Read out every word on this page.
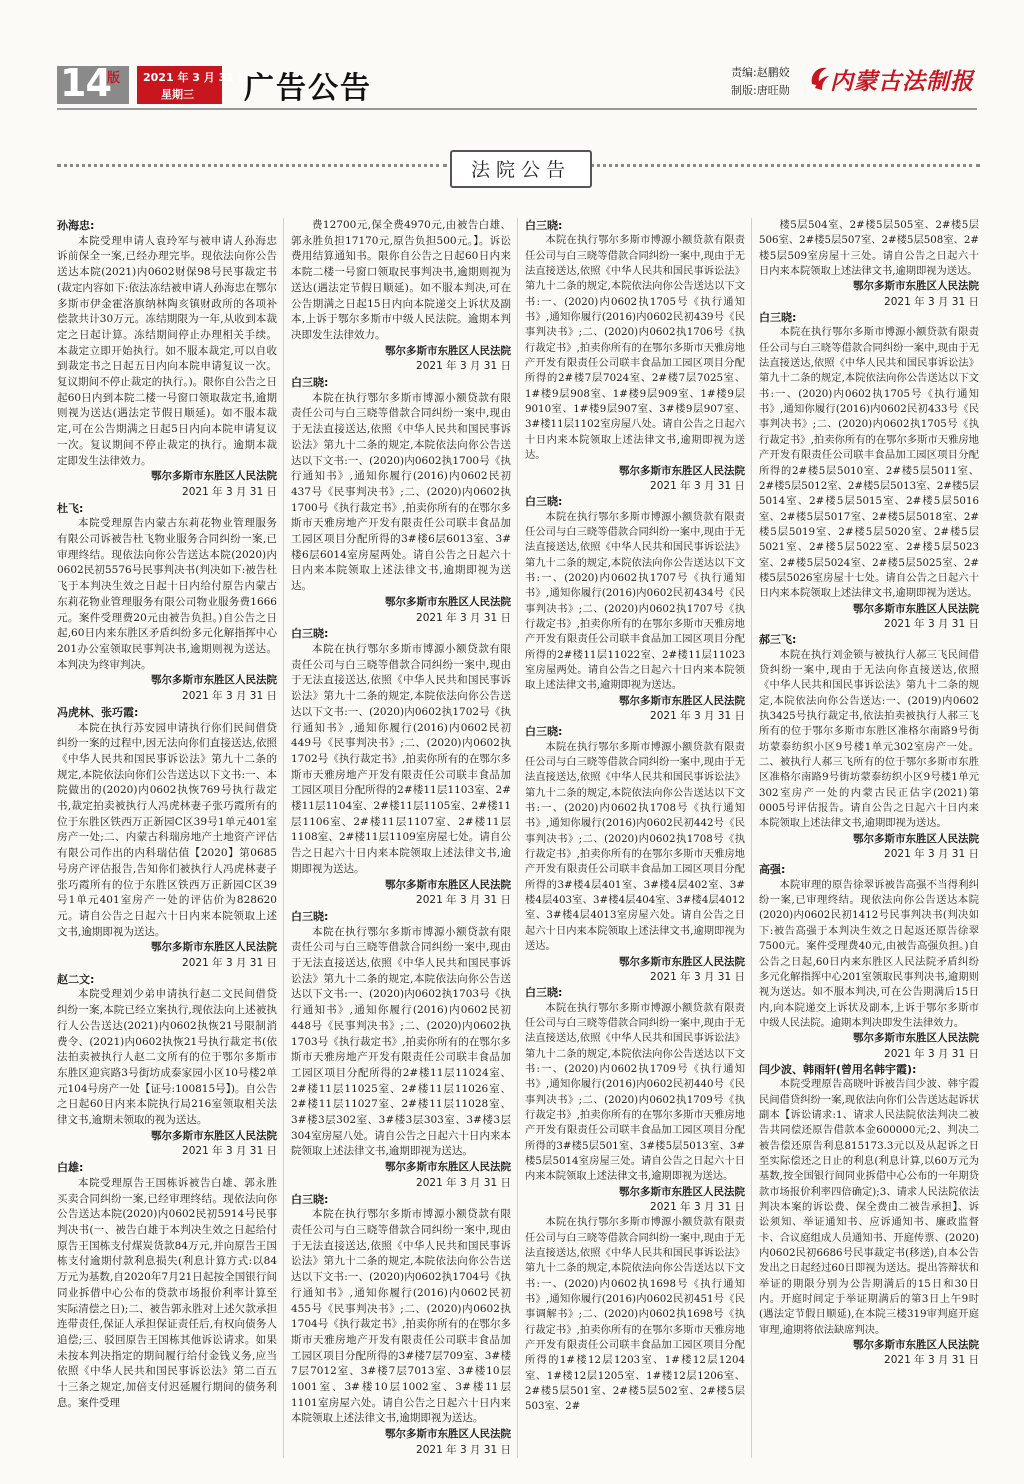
14
版 2021 年 3 月 31 日
星期三 广告公告	责编:赵鹏姣
制版:唐旺勋 内蒙古法制报
法院公告
孙海忠:
本院受理申请人袁玲军与被申请人孙海忠诉前保全一案,已经办理完毕。现依法向你公告送达本院(2021)内0602财保98号民事裁定书(裁定内容如下:依法冻结被申请人孙海忠在鄂尔多斯市伊金霍洛旗纳林陶亥镇财政所的各项补偿款共计30万元。冻结期限为一年,从收到本裁定之日起计算。冻结期间停止办理相关手续。本裁定立即开始执行。如不服本裁定,可以自收到裁定书之日起五日内向本院申请复议一次。复议期间不停止裁定的执行。)。限你自公告之日起60日内到本院二楼一号窗口领取裁定书,逾期则视为送达(遇法定节假日顺延)。如不服本裁定,可在公告期满之日起5日内向本院申请复议一次。复议期间不停止裁定的执行。逾期本裁定即发生法律效力。
鄂尔多斯市东胜区人民法院
2021 年 3 月 31 日
杜飞:
本院受理原告内蒙古东莉花物业管理服务有限公司诉被告杜飞物业服务合同纠纷一案,已审理终结。现依法向你公告送达本院(2020)内0602民初5576号民事判决书(判决如下:被告杜飞于本判决生效之日起十日内给付原告内蒙古东莉花物业管理服务有限公司物业服务费1666元。案件受理费20元由被告负担。)自公告之日起,60日内来东胜区矛盾纠纷多元化解指挥中心201办公室领取民事判决书,逾期则视为送达。本判决为终审判决。
鄂尔多斯市东胜区人民法院
2021 年 3 月 31 日
冯虎林、张巧霞:
本院在执行苏安园申请执行你们民间借贷纠纷一案的过程中,因无法向你们直接送达,依照《中华人民共和国民事诉讼法》第九十二条的规定,本院依法向你们公告送达以下文书:一、本院做出的(2020)内0602执恢769号执行裁定书,裁定拍卖被执行人冯虎林妻子张巧霞所有的位于东胜区铁西万正新园C区39号1单元401室房产一处;二、内蒙古科瑞房地产土地资产评估有限公司作出的内科瑞估值【2020】第0685号房产评估报告,告知你们被执行人冯虎林妻子张巧霞所有的位于东胜区铁西万正新园C区39号1单元401室房产一处的评估价为828620元。请自公告之日起六十日内来本院领取上述文书,逾期即视为送达。
鄂尔多斯市东胜区人民法院
2021 年 3 月 31 日
赵二文:
本院受理刘少弟申请执行赵二文民间借贷纠纷一案,本院已经立案执行,现依法向上述被执行人公告送达(2021)内0602执恢21号限制消费令、(2021)内0602执恢21号执行裁定书(依法拍卖被执行人赵二文所有的位于鄂尔多斯市东胜区迎宾路3号街坊成泰家园小区10号楼2单元104号房产一处【证号:100815号】)。自公告之日起60日内来本院执行局216室领取相关法律文书,逾期未领取的视为送达。
鄂尔多斯市东胜区人民法院
2021 年 3 月 31 日
白雄:
本院受理原告王国栋诉被告白雄、郭永胜买卖合同纠纷一案,已经审理终结。现依法向你公告送达本院(2020)内0602民初5914号民事判决书(一、被告白雄于本判决生效之日起给付原告王国栋支付煤炭货款84万元,并向原告王国栋支付逾期付款利息损失(利息计算方式:以84万元为基数,自2020年7月21日起按全国银行间同业拆借中心公布的贷款市场报价利率计算至实际清偿之日);二、被告郭永胜对上述欠款承担连带责任,保证人承担保证责任后,有权向债务人追偿;三、驳回原告王国栋其他诉讼请求。如果未按本判决指定的期间履行给付金钱义务,应当依照《中华人民共和国民事诉讼法》第二百五十三条之规定,加倍支付迟延履行期间的债务利息。案件受理
费12700元,保全费4970元,由被告白雄、郭永胜负担17170元,原告负担500元。】。诉讼费用结算通知书。限你自公告之日起60日内来本院二楼一号窗口领取民事判决书,逾期则视为送达(遇法定节假日顺延)。如不服本判决,可在公告期满之日起15日内向本院递交上诉状及副本,上诉于鄂尔多斯市中级人民法院。逾期本判决即发生法律效力。
鄂尔多斯市东胜区人民法院
2021 年 3 月 31 日
白三晓:
本院在执行鄂尔多斯市博源小额贷款有限责任公司与白三晓等借款合同纠纷一案中,现由于无法直接送达,依照《中华人民共和国民事诉讼法》第九十二条的规定,本院依法向你公告送达以下文书:一、(2020)内0602执1700号《执行通知书》,通知你履行(2016)内0602民初437号《民事判决书》;二、(2020)内0602执1700号《执行裁定书》,拍卖你所有的在鄂尔多斯市天雅房地产开发有限责任公司联丰食品加工园区项目分配所得的3#楼6层6013室、3#楼6层6014室房屋两处。请自公告之日起六十日内来本院领取上述法律文书,逾期即视为送达。
鄂尔多斯市东胜区人民法院
2021 年 3 月 31 日
白三晓:
本院在执行鄂尔多斯市博源小额贷款有限责任公司与白三晓等借款合同纠纷一案中,现由于无法直接送达,依照《中华人民共和国民事诉讼法》第九十二条的规定,本院依法向你公告送达以下文书:一、(2020)内0602执1702号《执行通知书》,通知你履行(2016)内0602民初449号《民事判决书》;二、(2020)内0602执1702号《执行裁定书》,拍卖你所有的在鄂尔多斯市天雅房地产开发有限责任公司联丰食品加工园区项目分配所得的2#楼11层1103室、2#楼11层1104室、2#楼11层1105室、2#楼11层1106室、2#楼11层1107室、2#楼11层1108室、2#楼11层1109室房屋七处。请自公告之日起六十日内来本院领取上述法律文书,逾期即视为送达。
鄂尔多斯市东胜区人民法院
2021 年 3 月 31 日
白三晓:
本院在执行鄂尔多斯市博源小额贷款有限责任公司与白三晓等借款合同纠纷一案中,现由于无法直接送达,依照《中华人民共和国民事诉讼法》第九十二条的规定,本院依法向你公告送达以下文书:一、(2020)内0602执1703号《执行通知书》,通知你履行(2016)内0602民初448号《民事判决书》;二、(2020)内0602执1703号《执行裁定书》,拍卖你所有的在鄂尔多斯市天雅房地产开发有限责任公司联丰食品加工园区项目分配所得的2#楼11层11024室、2#楼11层11025室、2#楼11层11026室、2#楼11层11027室、2#楼11层11028室、3#楼3层302室、3#楼3层303室、3#楼3层304室房屋八处。请自公告之日起六十日内来本院领取上述法律文书,逾期即视为送达。
鄂尔多斯市东胜区人民法院
2021 年 3 月 31 日
白三晓:
本院在执行鄂尔多斯市博源小额贷款有限责任公司与白三晓等借款合同纠纷一案中,现由于无法直接送达,依照《中华人民共和国民事诉讼法》第九十二条的规定,本院依法向你公告送达以下文书:一、(2020)内0602执1704号《执行通知书》,通知你履行(2016)内0602民初455号《民事判决书》;二、(2020)内0602执1704号《执行裁定书》,拍卖你所有的在鄂尔多斯市天雅房地产开发有限责任公司联丰食品加工园区项目分配所得的3#楼7层709室、3#楼7层7012室、3#楼7层7013室、3#楼10层1001室、3#楼10层1002室、3#楼11层1101室房屋六处。请自公告之日起六十日内来本院领取上述法律文书,逾期即视为送达。
鄂尔多斯市东胜区人民法院
2021 年 3 月 31 日
白三晓:
本院在执行鄂尔多斯市博源小额贷款有限责任公司与白三晓等借款合同纠纷一案中,现由于无法直接送达,依照《中华人民共和国民事诉讼法》第九十二条的规定,本院依法向你公告送达以下文书:一、(2020)内0602执1705号《执行通知书》,通知你履行(2016)内0602民初439号《民事判决书》;二、(2020)内0602执1706号《执行裁定书》,拍卖你所有的在鄂尔多斯市天雅房地产开发有限责任公司联丰食品加工园区项目分配所得的2#楼7层7024室、2#楼7层7025室、1#楼9层908室、1#楼9层909室、1#楼9层9010室、1#楼9层907室、3#楼9层907室、3#楼11层1102室房屋八处。请自公告之日起六十日内来本院领取上述法律文书,逾期即视为送达。
鄂尔多斯市东胜区人民法院
2021 年 3 月 31 日
白三晓:
本院在执行鄂尔多斯市博源小额贷款有限责任公司与白三晓等借款合同纠纷一案中,现由于无法直接送达,依照《中华人民共和国民事诉讼法》第九十二条的规定,本院依法向你公告送达以下文书:一、(2020)内0602执1707号《执行通知书》,通知你履行(2016)内0602民初434号《民事判决书》;二、(2020)内0602执1707号《执行裁定书》,拍卖你所有的在鄂尔多斯市天雅房地产开发有限责任公司联丰食品加工园区项目分配所得的2#楼11层11022室、2#楼11层11023室房屋两处。请自公告之日起六十日内来本院领取上述法律文书,逾期即视为送达。
鄂尔多斯市东胜区人民法院
2021 年 3 月 31 日
白三晓:
本院在执行鄂尔多斯市博源小额贷款有限责任公司与白三晓等借款合同纠纷一案中,现由于无法直接送达,依照《中华人民共和国民事诉讼法》第九十二条的规定,本院依法向你公告送达以下文书:一、(2020)内0602执1708号《执行通知书》,通知你履行(2016)内0602民初442号《民事判决书》;二、(2020)内0602执1708号《执行裁定书》,拍卖你所有的在鄂尔多斯市天雅房地产开发有限责任公司联丰食品加工园区项目分配所得的3#楼4层401室、3#楼4层402室、3#楼4层403室、3#楼4层404室、3#楼4层4012室、3#楼4层4013室房屋六处。请自公告之日起六十日内来本院领取上述法律文书,逾期即视为送达。
鄂尔多斯市东胜区人民法院
2021 年 3 月 31 日
白三晓:
本院在执行鄂尔多斯市博源小额贷款有限责任公司与白三晓等借款合同纠纷一案中,现由于无法直接送达,依照《中华人民共和国民事诉讼法》第九十二条的规定,本院依法向你公告送达以下文书:一、(2020)内0602执1709号《执行通知书》,通知你履行(2016)内0602民初440号《民事判决书》;二、(2020)内0602执1709号《执行裁定书》,拍卖你所有的在鄂尔多斯市天雅房地产开发有限责任公司联丰食品加工园区项目分配所得的3#楼5层501室、3#楼5层5013室、3#楼5层5014室房屋三处。请自公告之日起六十日内来本院领取上述法律文书,逾期即视为送达。
鄂尔多斯市东胜区人民法院
2021 年 3 月 31 日
本院在执行鄂尔多斯市博源小额贷款有限责任公司与白三晓等借款合同纠纷一案中,现由于无法直接送达,依照《中华人民共和国民事诉讼法》第九十二条的规定,本院依法向你公告送达以下文书:一、(2020)内0602执1698号《执行通知书》,通知你履行(2016)内0602民初451号《民事调解书》;二、(2020)内0602执1698号《执行裁定书》,拍卖你所有的在鄂尔多斯市天雅房地产开发有限责任公司联丰食品加工园区项目分配所得的1#楼12层1203室、1#楼12层1204室、1#楼12层1205室、1#楼12层1206室、2#楼5层501室、2#楼5层502室、2#楼5层503室、2#
楼5层504室、2#楼5层505室、2#楼5层506室、2#楼5层507室、2#楼5层508室、2#楼5层509室房屋十三处。请自公告之日起六十日内来本院领取上述法律文书,逾期即视为送达。
鄂尔多斯市东胜区人民法院
2021 年 3 月 31 日
白三晓:
本院在执行鄂尔多斯市博源小额贷款有限责任公司与白三晓等借款合同纠纷一案中,现由于无法直接送达,依照《中华人民共和国民事诉讼法》第九十二条的规定,本院依法向你公告送达以下文书:一、(2020)内0602执1705号《执行通知书》,通知你履行(2016)内0602民初433号《民事判决书》;二、(2020)内0602执1705号《执行裁定书》,拍卖你所有的在鄂尔多斯市天雅房地产开发有限责任公司联丰食品加工园区项目分配所得的2#楼5层5010室、2#楼5层5011室、2#楼5层5012室、2#楼5层5013室、2#楼5层5014室、2#楼5层5015室、2#楼5层5016室、2#楼5层5017室、2#楼5层5018室、2#楼5层5019室、2#楼5层5020室、2#楼5层5021室、2#楼5层5022室、2#楼5层5023室、2#楼5层5024室、2#楼5层5025室、2#楼5层5026室房屋十七处。请自公告之日起六十日内来本院领取上述法律文书,逾期即视为送达。
鄂尔多斯市东胜区人民法院
2021 年 3 月 31 日
郝三飞:
本院在执行刘金锁与被执行人郝三飞民间借贷纠纷一案中,现由于无法向你直接送达,依照《中华人民共和国民事诉讼法》第九十二条的规定,本院依法向你公告送达:一、(2019)内0602执3425号执行裁定书,依法拍卖被执行人郝三飞所有的位于鄂尔多斯市东胜区准格尔南路9号街坊蒙泰纺织小区9号楼1单元302室房产一处。二、被执行人郝三飞所有的位于鄂尔多斯市东胜区准格尔南路9号街坊蒙泰纺织小区9号楼1单元302室房产一处的内蒙古民正估字(2021)第0005号评估报告。请自公告之日起六十日内来本院领取上述法律文书,逾期即视为送达。
鄂尔多斯市东胜区人民法院
2021 年 3 月 31 日
高强:
本院审理的原告徐翠诉被告高强不当得利纠纷一案,已审理终结。现依法向你公告送达本院(2020)内0602民初1412号民事判决书(判决如下:被告高强于本判决生效之日起返还原告徐翠7500元。案件受理费40元,由被告高强负担。)自公告之日起,60日内来东胜区人民法院矛盾纠纷多元化解指挥中心201室领取民事判决书,逾期则视为送达。如不服本判决,可在公告期满后15日内,向本院递交上诉状及副本,上诉于鄂尔多斯市中级人民法院。逾期本判决即发生法律效力。
鄂尔多斯市东胜区人民法院
2021 年 3 月 31 日
闫少波、韩雨轩(曾用名韩宇霞):
本院受理原告高晓叶诉被告闫少波、韩宇霞民间借贷纠纷一案,现依法向你们公告送达起诉状副本【诉讼请求:1、请求人民法院依法判决二被告共同偿还原告借款本金600000元;2、判决二被告偿还原告利息815173.3元以及从起诉之日至实际偿还之日止的利息(利息计算,以60万元为基数,按全国银行间同业拆借中心公布的一年期贷款市场报价利率四倍确定);3、请求人民法院依法判决本案的诉讼费、保全费由二被告承担】、诉讼须知、举证通知书、应诉通知书、廉政监督卡、合议庭组成人员通知书、开庭传票、(2020)内0602民初6686号民事裁定书(移送),自本公告发出之日起经过60日即视为送达。提出答辩状和举证的期限分别为公告期满后的15日和30日内。开庭时间定于举证期满后的第3日上午9时(遇法定节假日顺延),在本院三楼319审判庭开庭审理,逾期将依法缺席判决。
鄂尔多斯市东胜区人民法院
2021 年 3 月 31 日
